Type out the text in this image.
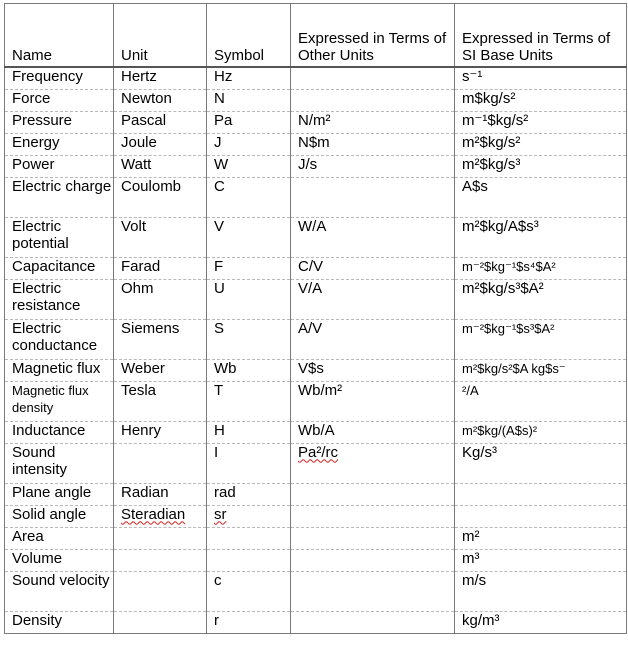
Name	Unit	Symbol	Expressed in Terms of Other Units	Expressed in Terms of SI Base Units
Frequency	Hertz	Hz		s⁻¹
Force	Newton	N		m$kg/s²
Pressure	Pascal	Pa	N/m²	m⁻¹$kg/s²
Energy	Joule	J	N$m	m²$kg/s²
Power	Watt	W	J/s	m²$kg/s³
Electric charge	Coulomb	C		A$s
Electric potential	Volt	V	W/A	m²$kg/A$s³
Capacitance	Farad	F	C/V	m⁻²$kg⁻¹$s⁴$A²
Electric resistance	Ohm	U	V/A	m²$kg/s³$A²
Electric conductance	Siemens	S	A/V	m⁻²$kg⁻¹$s³$A²
Magnetic flux	Weber	Wb	V$s	m²$kg/s²$A kg$s⁻
Magnetic flux density	Tesla	T	Wb/m²	²/A
Inductance	Henry	H	Wb/A	m²$kg/(A$s)²
Sound intensity		I	Pa²/rc	Kg/s³
Plane angle	Radian	rad		
Solid angle	Steradian	sr		
Area				m²
Volume				m³
Sound velocity		c		m/s
Density		r		kg/m³
